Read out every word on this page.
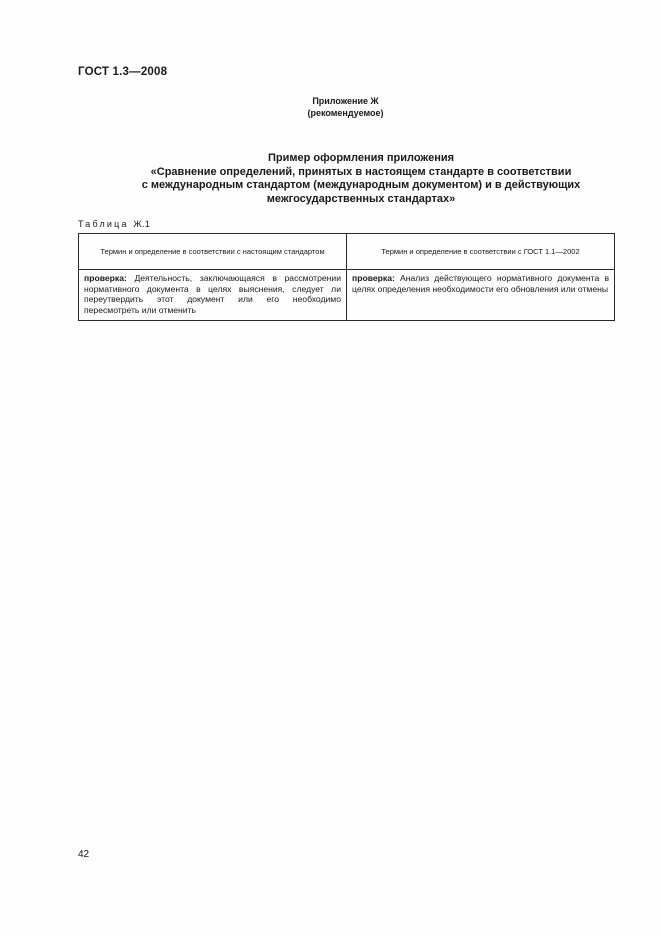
ГОСТ 1.3—2008
Приложение Ж
(рекомендуемое)
Пример оформления приложения
«Сравнение определений, принятых в настоящем стандарте в соответствии
с международным стандартом (международным документом) и в действующих
межгосударственных стандартах»
Таблица Ж.1
Термин и определение в соответствии с настоящим стандартом	Термин и определение в соответствии с ГОСТ 1.1—2002
проверка: Деятельность, заключающаяся в рассмотрении нормативного документа в целях выяснения, следует ли переутвердить этот документ или его необходимо пересмотреть или отменить	проверка: Анализ действующего нормативного документа в целях определения необходимости его обновления или отмены
42
